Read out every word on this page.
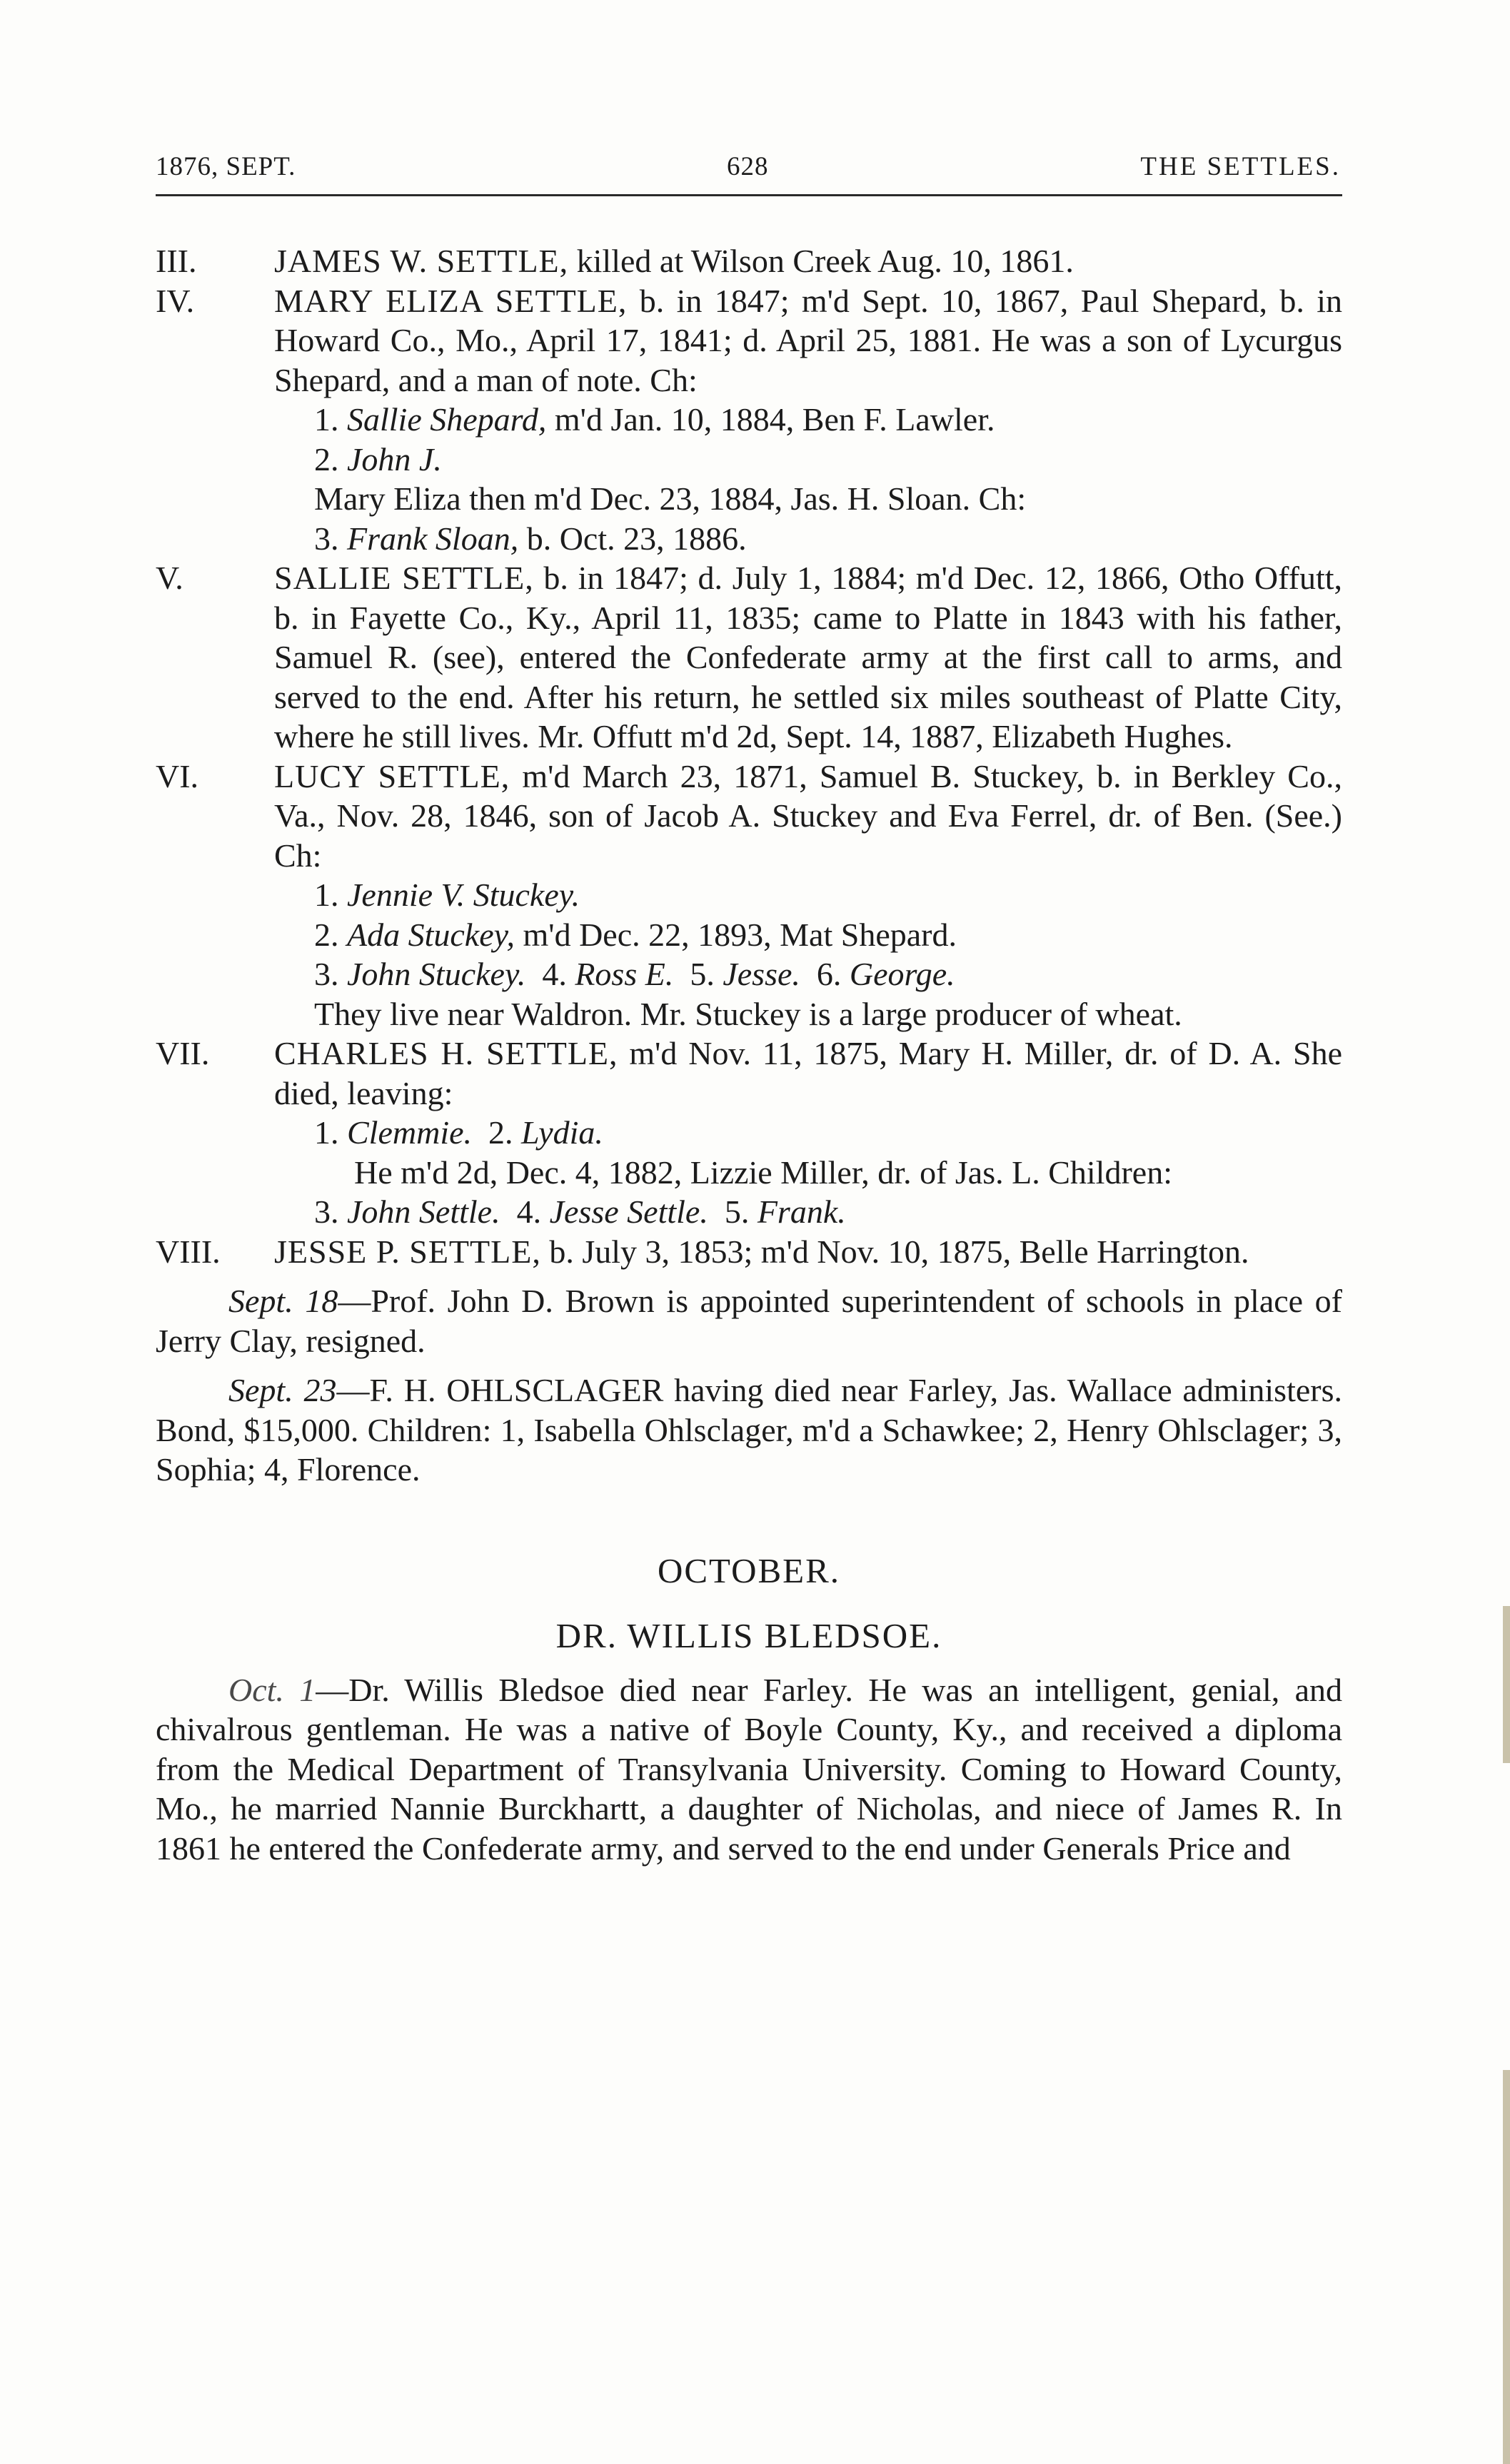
1876, SEPT.	628	THE SETTLES.
III.	JAMES W. SETTLE, killed at Wilson Creek Aug. 10, 1861.
IV.	MARY ELIZA SETTLE, b. in 1847; m'd Sept. 10, 1867, Paul Shepard, b. in Howard Co., Mo., April 17, 1841; d. April 25, 1881. He was a son of Lycurgus Shepard, and a man of note. Ch:
1. Sallie Shepard, m'd Jan. 10, 1884, Ben F. Lawler.
2. John J.
Mary Eliza then m'd Dec. 23, 1884, Jas. H. Sloan. Ch:
3. Frank Sloan, b. Oct. 23, 1886.
V.	SALLIE SETTLE, b. in 1847; d. July 1, 1884; m'd Dec. 12, 1866, Otho Offutt, b. in Fayette Co., Ky., April 11, 1835; came to Platte in 1843 with his father, Samuel R. (see), entered the Confederate army at the first call to arms, and served to the end. After his return, he settled six miles southeast of Platte City, where he still lives. Mr. Offutt m'd 2d, Sept. 14, 1887, Elizabeth Hughes.
VI.	LUCY SETTLE, m'd March 23, 1871, Samuel B. Stuckey, b. in Berkley Co., Va., Nov. 28, 1846, son of Jacob A. Stuckey and Eva Ferrel, dr. of Ben. (See.) Ch:
1. Jennie V. Stuckey.
2. Ada Stuckey, m'd Dec. 22, 1893, Mat Shepard.
3. John Stuckey. 4. Ross E. 5. Jesse. 6. George.
They live near Waldron. Mr. Stuckey is a large producer of wheat.
VII.	CHARLES H. SETTLE, m'd Nov. 11, 1875, Mary H. Miller, dr. of D. A. She died, leaving:
1. Clemmie. 2. Lydia.
He m'd 2d, Dec. 4, 1882, Lizzie Miller, dr. of Jas. L. Children:
3. John Settle. 4. Jesse Settle. 5. Frank.
VIII.	JESSE P. SETTLE, b. July 3, 1853; m'd Nov. 10, 1875, Belle Harrington.
Sept. 18—Prof. John D. Brown is appointed superintendent of schools in place of Jerry Clay, resigned.
Sept. 23—F. H. OHLSCLAGER having died near Farley, Jas. Wallace administers. Bond, $15,000. Children: 1, Isabella Ohlsclager, m'd a Schawkee; 2, Henry Ohlsclager; 3, Sophia; 4, Florence.
OCTOBER.
DR. WILLIS BLEDSOE.
Oct. 1—Dr. Willis Bledsoe died near Farley. He was an intelligent, genial, and chivalrous gentleman. He was a native of Boyle County, Ky., and received a diploma from the Medical Department of Transylvania University. Coming to Howard County, Mo., he married Nannie Burckhartt, a daughter of Nicholas, and niece of James R. In 1861 he entered the Confederate army, and served to the end under Generals Price and
